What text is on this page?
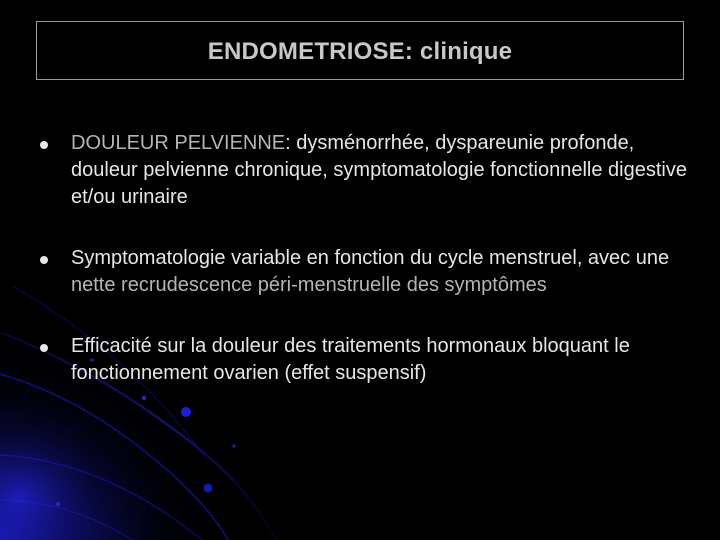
ENDOMETRIOSE: clinique
DOULEUR PELVIENNE: dysménorrhée, dyspareunie profonde, douleur pelvienne chronique, symptomatologie fonctionnelle digestive et/ou urinaire
Symptomatologie variable en fonction du cycle menstruel, avec une nette recrudescence péri-menstruelle des symptômes
Efficacité sur la douleur des traitements hormonaux bloquant le fonctionnement ovarien (effet suspensif)
